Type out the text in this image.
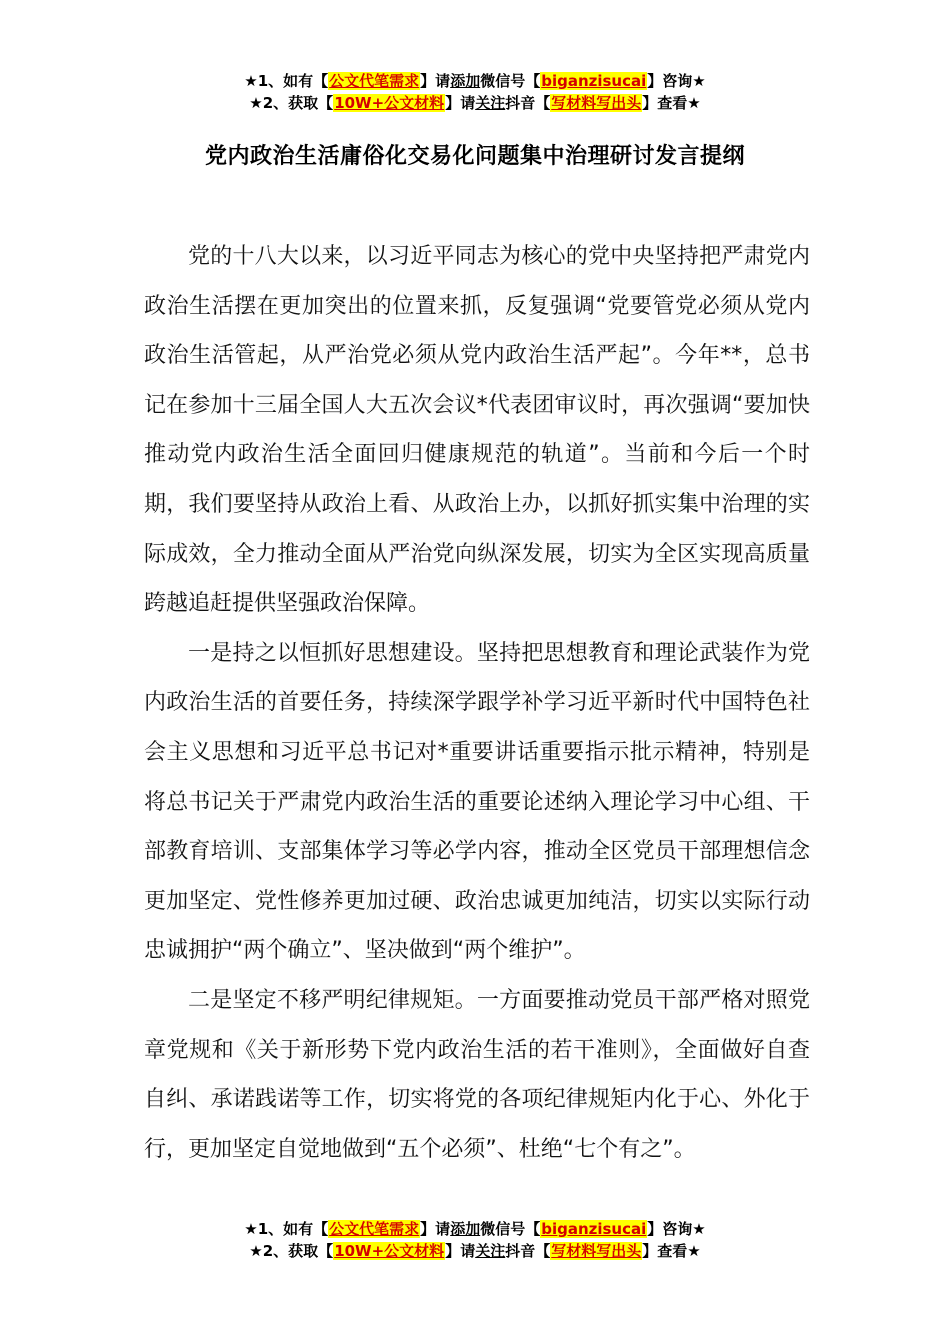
★1、如有【公文代笔需求】请添加微信号【biganzisucai】咨询★
★2、获取【10W+公文材料】请关注抖音【写材料写出头】查看★
党内政治生活庸俗化交易化问题集中治理研讨发言提纲

党的十八大以来，以习近平同志为核心的党中央坚持把严肃党内政治生活摆在更加突出的位置来抓，反复强调“党要管党必须从党内政治生活管起，从严治党必须从党内政治生活严起”。今年**，总书记在参加十三届全国人大五次会议*代表团审议时，再次强调“要加快推动党内政治生活全面回归健康规范的轨道”。当前和今后一个时期，我们要坚持从政治上看、从政治上办，以抓好抓实集中治理的实际成效，全力推动全面从严治党向纵深发展，切实为全区实现高质量跨越追赶提供坚强政治保障。

一是持之以恒抓好思想建设。坚持把思想教育和理论武装作为党内政治生活的首要任务，持续深学跟学补学习近平新时代中国特色社会主义思想和习近平总书记对*重要讲话重要指示批示精神，特别是将总书记关于严肃党内政治生活的重要论述纳入理论学习中心组、干部教育培训、支部集体学习等必学内容，推动全区党员干部理想信念更加坚定、党性修养更加过硬、政治忠诚更加纯洁，切实以实际行动忠诚拥护“两个确立”、坚决做到“两个维护”。

二是坚定不移严明纪律规矩。一方面要推动党员干部严格对照党章党规和《关于新形势下党内政治生活的若干准则》，全面做好自查自纠、承诺践诺等工作，切实将党的各项纪律规矩内化于心、外化于行，更加坚定自觉地做到“五个必须”、杜绝“七个有之”。

★1、如有【公文代笔需求】请添加微信号【biganzisucai】咨询★
★2、获取【10W+公文材料】请关注抖音【写材料写出头】查看★
